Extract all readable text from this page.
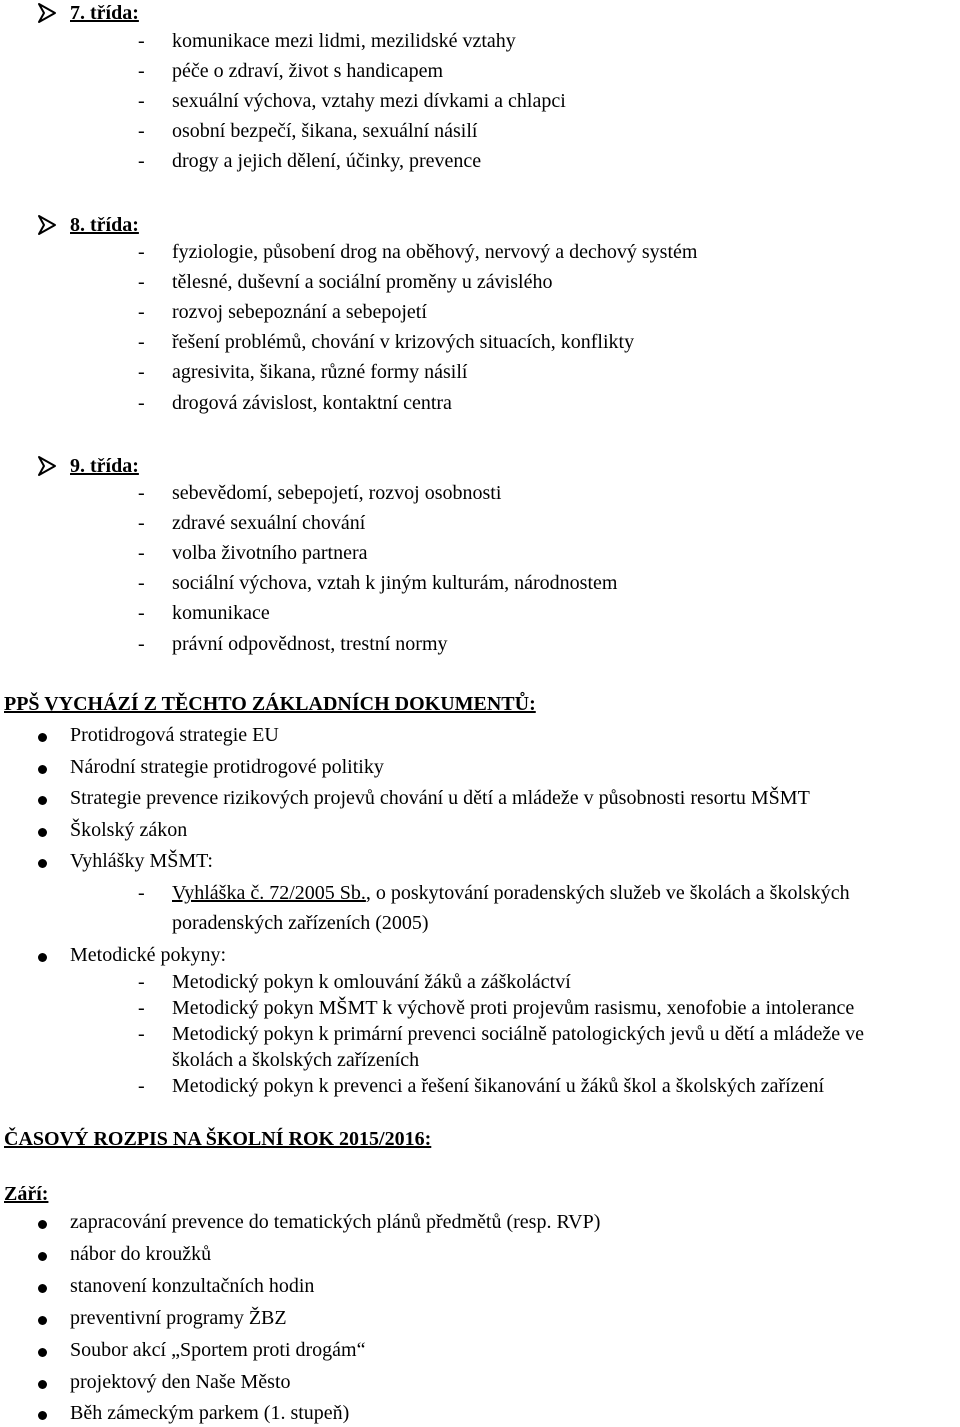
7. třída:
- komunikace mezi lidmi, mezilidské vztahy
- péče o zdraví, život s handicapem
- sexuální výchova, vztahy mezi dívkami a chlapci
- osobní bezpečí, šikana, sexuální násilí
- drogy a jejich dělení, účinky, prevence
8. třída:
- fyziologie, působení drog na oběhový, nervový a dechový systém
- tělesné, duševní a sociální proměny u závislého
- rozvoj sebepoznání a sebepojetí
- řešení problémů, chování v krizových situacích, konflikty
- agresivita, šikana, různé formy násilí
- drogová závislost, kontaktní centra
9. třída:
- sebevědomí, sebepojetí, rozvoj osobnosti
- zdravé sexuální chování
- volba životního partnera
- sociální výchova, vztah k jiným kulturám, národnostem
- komunikace
- právní odpovědnost, trestní normy
PPŠ VYCHÁZÍ Z TĚCHTO ZÁKLADNÍCH DOKUMENTŮ:
Protidrogová strategie EU
Národní strategie protidrogové politiky
Strategie prevence rizikových projevů chování u dětí a mládeže v působnosti resortu MŠMT
Školský zákon
Vyhlášky MŠMT:
- Vyhláška č. 72/2005 Sb., o poskytování poradenských služeb ve školách a školských
poradenských zařízeních (2005)
Metodické pokyny:
- Metodický pokyn k omlouvání žáků a záškoláctví
- Metodický pokyn MŠMT k výchově proti projevům rasismu, xenofobie a intolerance
- Metodický pokyn k primární prevenci sociálně patologických jevů u dětí a mládeže ve
školách a školských zařízeních
- Metodický pokyn k prevenci a řešení šikanování u žáků škol a školských zařízení
ČASOVÝ ROZPIS NA ŠKOLNÍ ROK 2015/2016:
Září:
zapracování prevence do tematických plánů předmětů (resp. RVP)
nábor do kroužků
stanovení konzultačních hodin
preventivní programy ŽBZ
Soubor akcí „Sportem proti drogám“
projektový den Naše Město
Běh zámeckým parkem (1. stupeň)
